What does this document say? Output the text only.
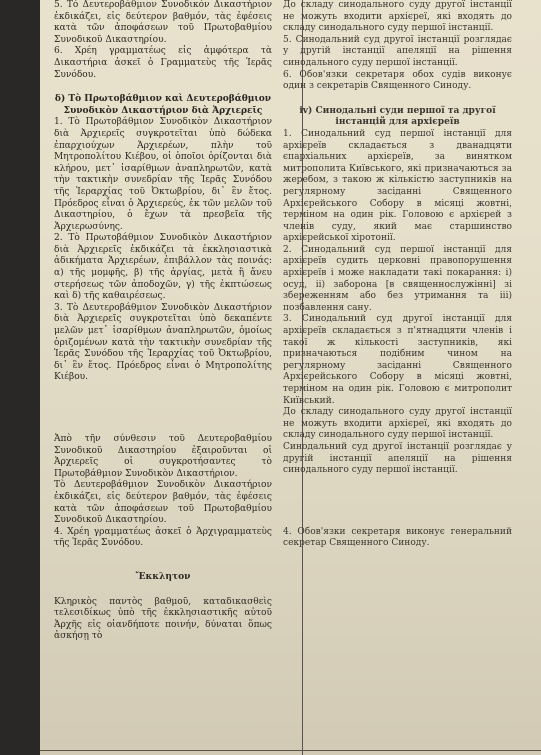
5. Τό Δευτεροβάθμιον Συνοδικόν Δικαστήριον ἐκδικάζει, εἰς δεύτερον βαθμόν, τὰς ἐφέσεις κατὰ τῶν ἀποφάσεων τοῦ Πρωτοβαθμίου Συνοδικοῦ Δικαστηρίου.

6. Χρέη γραμματέως εἰς ἀμφότερα τὰ Δικαστήρια ἀσκεῖ ὁ Γραμματεὺς τῆς Ἱερᾶς Συνόδου.

δ) Τὸ Πρωτοβάθμιον καὶ Δευτεροβάθμιον Συνοδικὸν Δικαστήριον διὰ Ἀρχιερεῖς

1. Τὸ Πρωτοβάθμιον Συνοδικὸν Δικαστήριον διὰ Ἀρχιερεῖς συγκροτεῖται ὑπὸ δώδεκα ἐπαρχιούχων Ἀρχιερέων, πλὴν τοῦ Μητροπολίτου Κιέβου, οἱ ὁποῖοι ὁρίζονται διὰ κλήρου, μετ᾽ ἰσαρίθμων ἀναπληρωτῶν, κατὰ τὴν τακτικὴν συνεδρίαν τῆς Ἱερᾶς Συνόδου τῆς Ἱεραρχίας τοῦ Ὀκτωβρίου, δι᾽ ἓν ἔτος. Πρόεδρος εἶναι ὁ Ἀρχιερεύς, ἐκ τῶν μελῶν τοῦ Δικαστηρίου, ὁ ἔχων τὰ πρεσβεῖα τῆς Ἀρχιερωσύνης.

2. Τὸ Πρωτοβάθμιον Συνοδικὸν Δικαστήριον διὰ Ἀρχιερεῖς ἐκδικάζει τὰ ἐκκλησιαστικὰ ἀδικήματα Ἀρχιερέων, ἐπιβάλλον τὰς ποινάς: α) τῆς μομφῆς, β) τῆς ἀργίας, μετὰ ἢ ἄνευ στερήσεως τῶν ἀποδοχῶν, γ) τῆς ἐκπτώσεως καὶ δ) τῆς καθαιρέσεως.

3. Τὸ Δευτεροβάθμιον Συνοδικὸν Δικαστήριον διὰ Ἀρχιερεῖς συγκροτεῖται ὑπὸ δεκαπέντε μελῶν μετ᾽ ἰσαρίθμων ἀναπληρωτῶν, ὁμοίως ὁριζομένων κατὰ τὴν τακτικὴν συνεδρίαν τῆς Ἱερᾶς Συνόδου τῆς Ἱεραρχίας τοῦ Ὀκτωβρίου, δι᾽ ἓν ἔτος. Πρόεδρος εἶναι ὁ Μητροπολίτης Κιέβου.

Ἀπὸ τῆν σύνθεσιν τοῦ Δευτεροβαθμίου Συνοδικοῦ Δικαστηρίου ἐξαιροῦνται οἱ Ἀρχιερεῖς οἱ συγκροτήσαντες τὸ Πρωτοβάθμιον Συνοδικὸν Δικαστήριον.

Τὸ Δευτεροβάθμιον Συνοδικὸν Δικαστήριον ἐκδικάζει, εἰς δεύτερον βαθμόν, τὰς ἐφέσεις κατὰ τῶν ἀποφάσεων τοῦ Πρωτοβαθμίου Συνοδικοῦ Δικαστηρίου.

4. Χρέη γραμματέως ἀσκεῖ ὁ Ἀρχιγραμματεὺς τῆς Ἱερᾶς Συνόδου.

Ἔκκλητον

Κληρικὸς παντὸς βαθμοῦ, καταδικασθεὶς τελεσιδίκως ὑπὸ τῆς ἐκκλησιαστικῆς αὐτοῦ Ἀρχῆς εἰς οἱανδήποτε ποινήν, δύναται ὅπως ἀσκήσῃ τὸ

До складу синодального суду другої інстанції не можуть входити архієреї, які входять до складу синодального суду першої інстанції.

5. Синодальний суд другої інстанції розглядає у другій інстанції апеляції на рішення синодального суду першої інстанції.

6. Обов'язки секретаря обох судів виконує один з секретарів Священного Синоду.

iv) Синодальні суди першої та другої інстанцій для архієреїв

1. Синодальний суд першої інстанції для архієреїв складається з дванадцяти єпархіальних архієреїв, за винятком митрополита Київського, які призначаються за жеребом, з такою ж кількістю заступників на регулярному засіданні Священного Архієрейського Собору в місяці жовтні, терміном на один рік. Головою є архієрей з членів суду, який має старшинство архієрейської хіротонії.

2. Синодальний суд першої інстанції для архієреїв судить церковні правопорушення архієреїв і може накладати такі покарання: і) осуд, іі) заборона [в священнослужінні] зі збереженням або без утримання та ііі) позбавлення сану.

3. Синодальний суд другої інстанції для архієреїв складається з п'ятнадцяти членів і такої ж кількості заступників, які призначаються подібним чином на регулярному засіданні Священного Архієрейського Собору в місяці жовтні, терміном на один рік. Головою є митрополит Київський.

До складу синодального суду другої інстанції не можуть входити архієреї, які входять до складу синодального суду першої інстанції.

Синодальний суд другої інстанції розглядає у другій інстанції апеляції на рішення синодального суду першої інстанції.

4. Обов'язки секретаря виконує генеральний секретар Священного Синоду.
